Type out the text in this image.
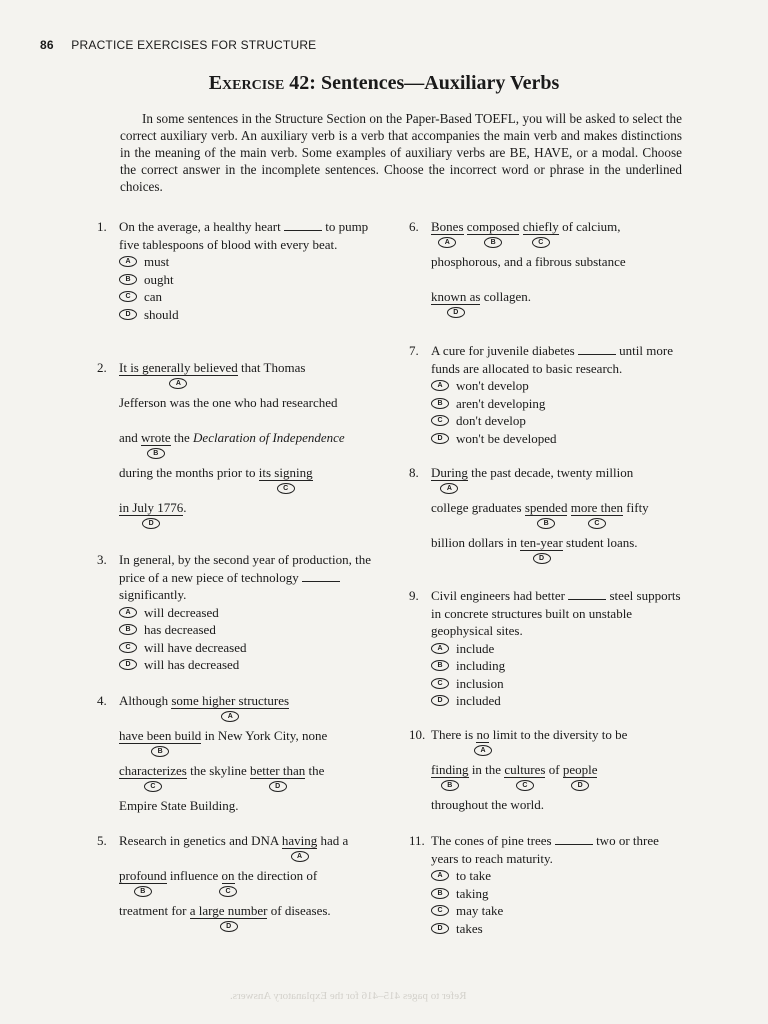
86 PRACTICE EXERCISES FOR STRUCTURE
Exercise 42: Sentences—Auxiliary Verbs

In some sentences in the Structure Section on the Paper-Based TOEFL, you will be asked to select the correct auxiliary verb. An auxiliary verb is a verb that accompanies the main verb and makes distinctions in the meaning of the main verb. Some examples of auxiliary verbs are BE, HAVE, or a modal. Choose the correct answer in the incomplete sentences. Choose the incorrect word or phrase in the underlined choices.

1. On the average, a healthy heart	to pump five tablespoons of blood with every beat.
A	must
B	ought
C	can
D	should
2. It is generally believed
A
that Thomas
Jefferson was the one who had researched
and wrote
B
the Declaration of Independence
during the months prior to its signing
C
in July 1776
D
.
3. In general, by the second year of production, the price of a new piece of technology  significantly.
A	will decreased
B	has decreased
C	will have decreased
D	will has decreased
4. Although some higher structures
A
have been build
B
in New York City, none
characterizes
C
the skyline better than
D
the
Empire State Building.
5. Research in genetics and DNA having
A
had a
profound
B
influence on
C
the direction of
treatment for a large number
D
of diseases.
6. Bones
A
composed
B
chiefly
C
of calcium,
phosphorous, and a fibrous substance
known as
D
collagen.
7. A cure for juvenile diabetes	until more funds are allocated to basic research.
A	won't develop
B	aren't developing
C	don't develop
D	won't be developed
8. During
A
the past decade, twenty million
college graduates spended
B
more then
C
fifty
billion dollars in ten-year
D
student loans.
9. Civil engineers had better	steel supports in concrete structures built on unstable geophysical sites.
A	include
B	including
C	inclusion
D	included
10. There is no
A
limit to the diversity to be
finding
B
in the cultures
C
of people
D
throughout the world.
11. The cones of pine trees	two or three years to reach maturity.
A	to take
B	taking
C	may take
D	takes
Refer to pages 415–416 for the Explanatory Answers.
